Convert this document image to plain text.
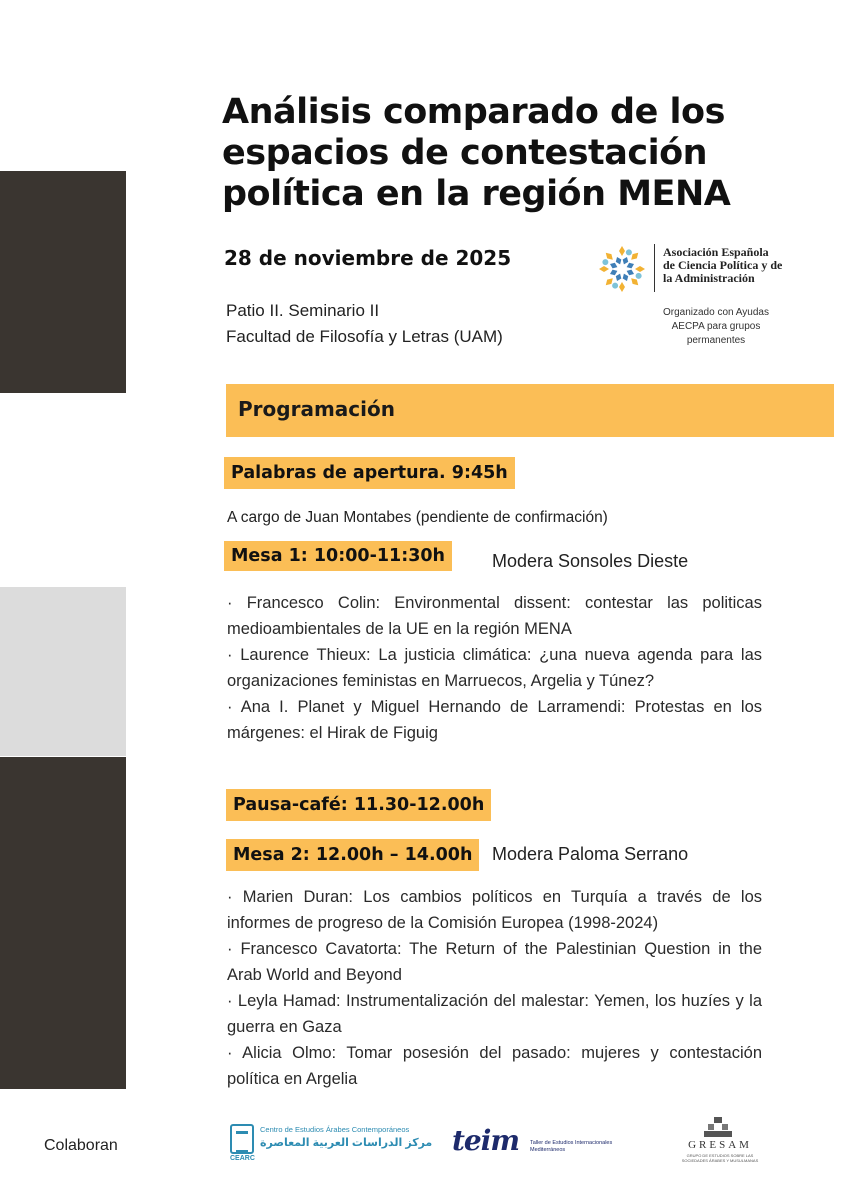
Análisis comparado de los espacios de contestación política en la región MENA
28 de noviembre de 2025
Patio II. Seminario II
Facultad de Filosofía y Letras (UAM)
Asociación Española
de Ciencia Política y de
la Administración
Organizado con Ayudas
AECPA para grupos
permanentes
Programación
Palabras de apertura. 9:45h
A cargo de Juan Montabes (pendiente de confirmación)
Mesa 1: 10:00-11:30h	Modera Sonsoles Dieste
· Francesco Colin: Environmental dissent: contestar las politicas medioambientales de la UE en la región MENA
· Laurence Thieux: La justicia climática: ¿una nueva agenda para las organizaciones feministas en Marruecos, Argelia y Túnez?
· Ana I. Planet y Miguel Hernando de Larramendi: Protestas en los márgenes: el Hirak de Figuig
Pausa-café: 11.30-12.00h
Mesa 2: 12.00h – 14.00h	Modera Paloma Serrano
· Marien Duran: Los cambios políticos en Turquía a través de los informes de progreso de la Comisión Europea (1998-2024)
· Francesco Cavatorta: The Return of the Palestinian Question in the Arab World and Beyond
· Leyla Hamad: Instrumentalización del malestar: Yemen, los huzíes y la guerra en Gaza
· Alicia Olmo: Tomar posesión del pasado: mujeres y contestación política en Argelia
Colaboran
CEARC
Centro de Estudios Árabes Contemporáneos
مركز الدراسات العربية المعاصرة teim Taller de Estudios Internacionales Mediterráneos	GRESAM
GRUPO DE ESTUDIOS SOBRE LAS SOCIEDADES ÁRABES Y MUSULMANAS
